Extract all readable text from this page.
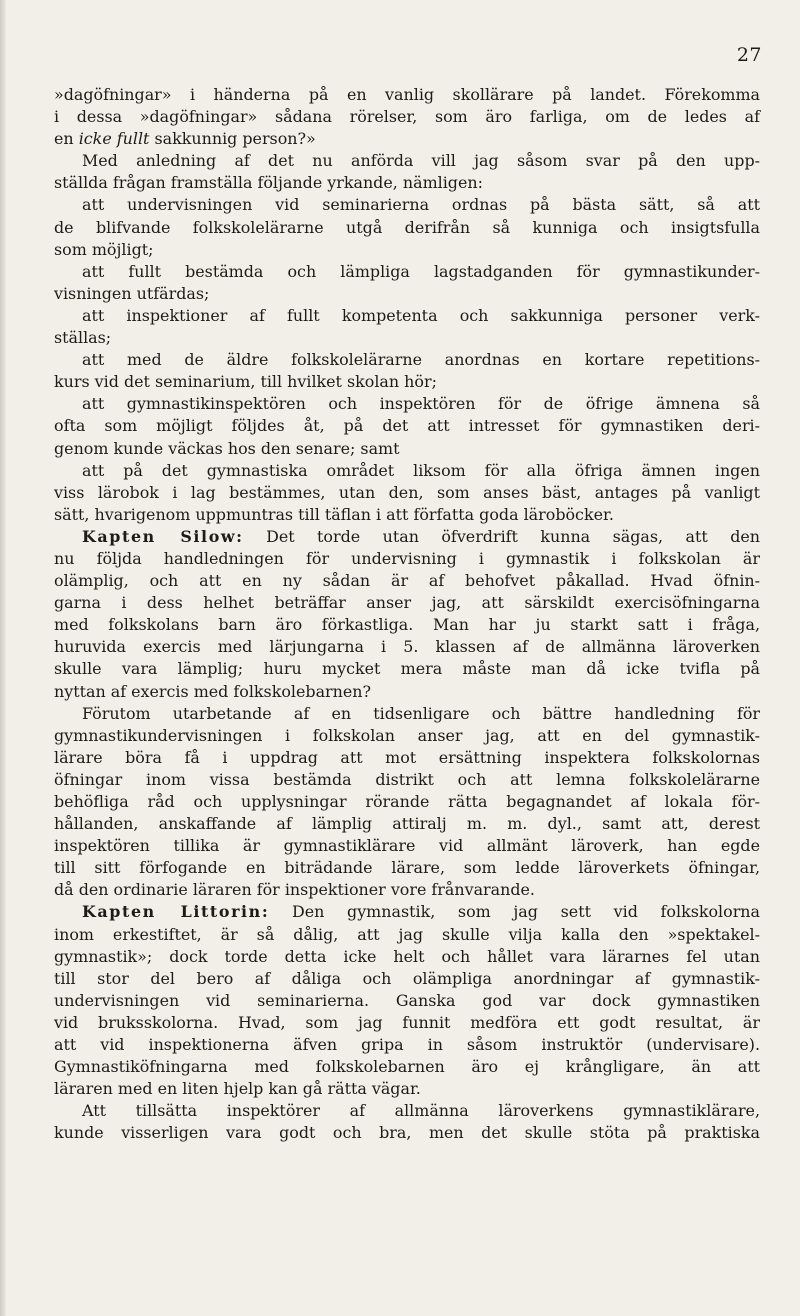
27
»dagöfningar» i händerna på en vanlig skollärare på landet. Förekomma
i dessa »dagöfningar» sådana rörelser, som äro farliga, om de ledes af
en icke fullt sakkunnig person?»
Med anledning af det nu anförda vill jag såsom svar på den upp-
ställda frågan framställa följande yrkande, nämligen:
att undervisningen vid seminarierna ordnas på bästa sätt, så att
de blifvande folkskolelärarne utgå derifrån så kunniga och insigtsfulla
som möjligt;
att fullt bestämda och lämpliga lagstadganden för gymnastikunder-
visningen utfärdas;
att inspektioner af fullt kompetenta och sakkunniga personer verk-
ställas;
att med de äldre folkskolelärarne anordnas en kortare repetitions-
kurs vid det seminarium, till hvilket skolan hör;
att gymnastikinspektören och inspektören för de öfrige ämnena så
ofta som möjligt följdes åt, på det att intresset för gymnastiken deri-
genom kunde väckas hos den senare; samt
att på det gymnastiska området liksom för alla öfriga ämnen ingen
viss lärobok i lag bestämmes, utan den, som anses bäst, antages på vanligt
sätt, hvarigenom uppmuntras till täflan i att författa goda läroböcker.
Kapten Silow: Det torde utan öfverdrift kunna sägas, att den
nu följda handledningen för undervisning i gymnastik i folkskolan är
olämplig, och att en ny sådan är af behofvet påkallad. Hvad öfnin-
garna i dess helhet beträffar anser jag, att särskildt exercisöfningarna
med folkskolans barn äro förkastliga. Man har ju starkt satt i fråga,
huruvida exercis med lärjungarna i 5. klassen af de allmänna läroverken
skulle vara lämplig; huru mycket mera måste man då icke tvifla på
nyttan af exercis med folkskolebarnen?
Förutom utarbetande af en tidsenligare och bättre handledning för
gymnastikundervisningen i folkskolan anser jag, att en del gymnastik-
lärare böra få i uppdrag att mot ersättning inspektera folkskolornas
öfningar inom vissa bestämda distrikt och att lemna folkskolelärarne
behöfliga råd och upplysningar rörande rätta begagnandet af lokala för-
hållanden, anskaffande af lämplig attiralj m. m. dyl., samt att, derest
inspektören tillika är gymnastiklärare vid allmänt läroverk, han egde
till sitt förfogande en biträdande lärare, som ledde läroverkets öfningar,
då den ordinarie läraren för inspektioner vore frånvarande.
Kapten Littorin: Den gymnastik, som jag sett vid folkskolorna
inom erkestiftet, är så dålig, att jag skulle vilja kalla den »spektakel-
gymnastik»; dock torde detta icke helt och hållet vara lärarnes fel utan
till stor del bero af dåliga och olämpliga anordningar af gymnastik-
undervisningen vid seminarierna. Ganska god var dock gymnastiken
vid bruksskolorna. Hvad, som jag funnit medföra ett godt resultat, är
att vid inspektionerna äfven gripa in såsom instruktör (undervisare).
Gymnastiköfningarna med folkskolebarnen äro ej krångligare, än att
läraren med en liten hjelp kan gå rätta vägar.
Att tillsätta inspektörer af allmänna läroverkens gymnastiklärare,
kunde visserligen vara godt och bra, men det skulle stöta på praktiska
